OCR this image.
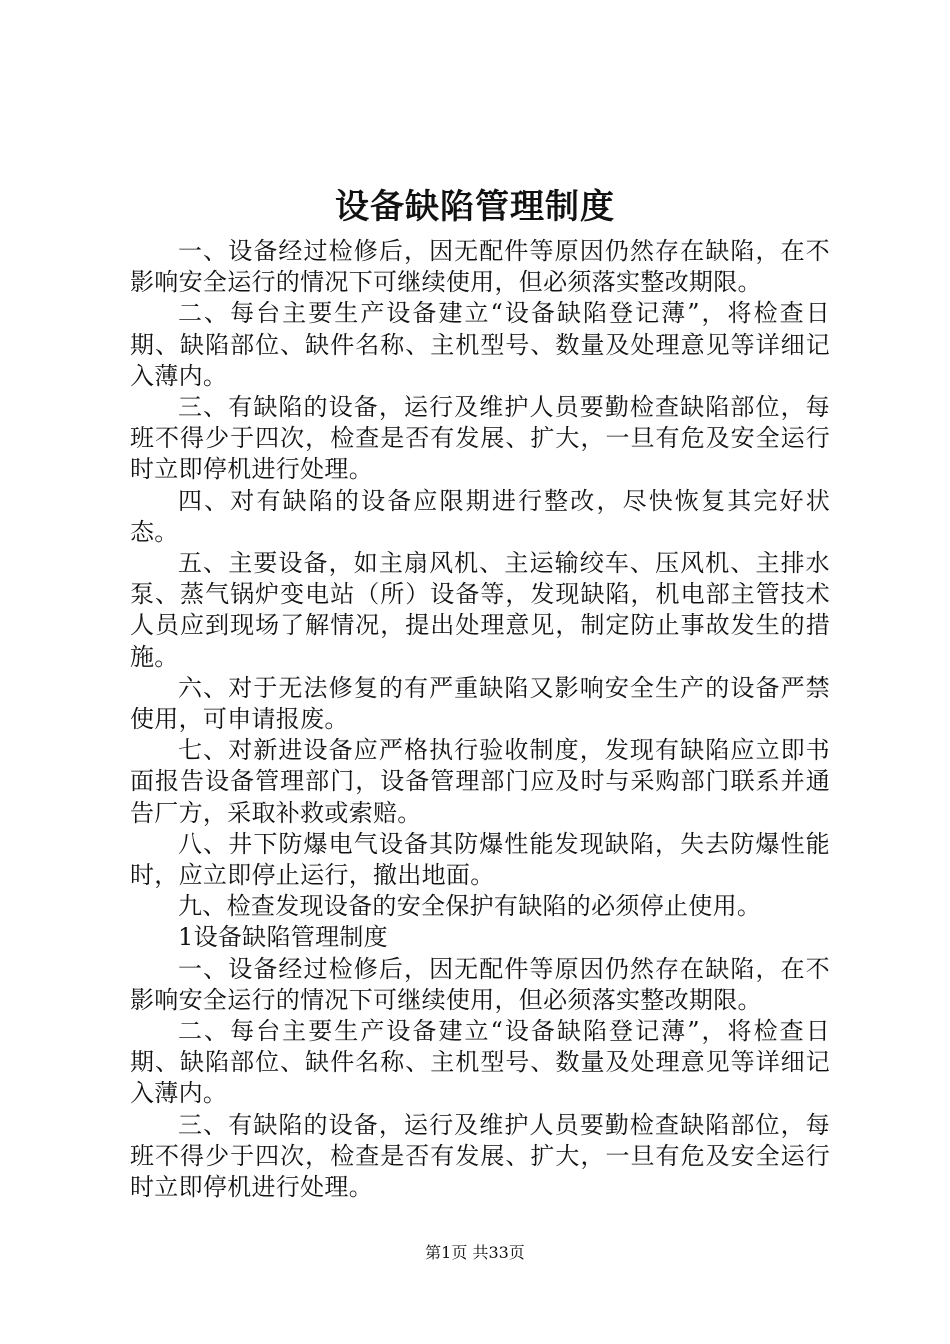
设备缺陷管理制度

一、设备经过检修后，因无配件等原因仍然存在缺陷，在不影响安全运行的情况下可继续使用，但必须落实整改期限。

二、每台主要生产设备建立“设备缺陷登记薄”，将检查日期、缺陷部位、缺件名称、主机型号、数量及处理意见等详细记入薄内。

三、有缺陷的设备，运行及维护人员要勤检查缺陷部位，每班不得少于四次，检查是否有发展、扩大，一旦有危及安全运行时立即停机进行处理。

四、对有缺陷的设备应限期进行整改，尽快恢复其完好状态。

五、主要设备，如主扇风机、主运输绞车、压风机、主排水泵、蒸气锅炉变电站（所）设备等，发现缺陷，机电部主管技术人员应到现场了解情况，提出处理意见，制定防止事故发生的措施。

六、对于无法修复的有严重缺陷又影响安全生产的设备严禁使用，可申请报废。

七、对新进设备应严格执行验收制度，发现有缺陷应立即书面报告设备管理部门，设备管理部门应及时与采购部门联系并通告厂方，采取补救或索赔。

八、井下防爆电气设备其防爆性能发现缺陷，失去防爆性能时，应立即停止运行，撤出地面。

九、检查发现设备的安全保护有缺陷的必须停止使用。

1设备缺陷管理制度

一、设备经过检修后，因无配件等原因仍然存在缺陷，在不影响安全运行的情况下可继续使用，但必须落实整改期限。

二、每台主要生产设备建立“设备缺陷登记薄”，将检查日期、缺陷部位、缺件名称、主机型号、数量及处理意见等详细记入薄内。

三、有缺陷的设备，运行及维护人员要勤检查缺陷部位，每班不得少于四次，检查是否有发展、扩大，一旦有危及安全运行时立即停机进行处理。

第1页 共33页
